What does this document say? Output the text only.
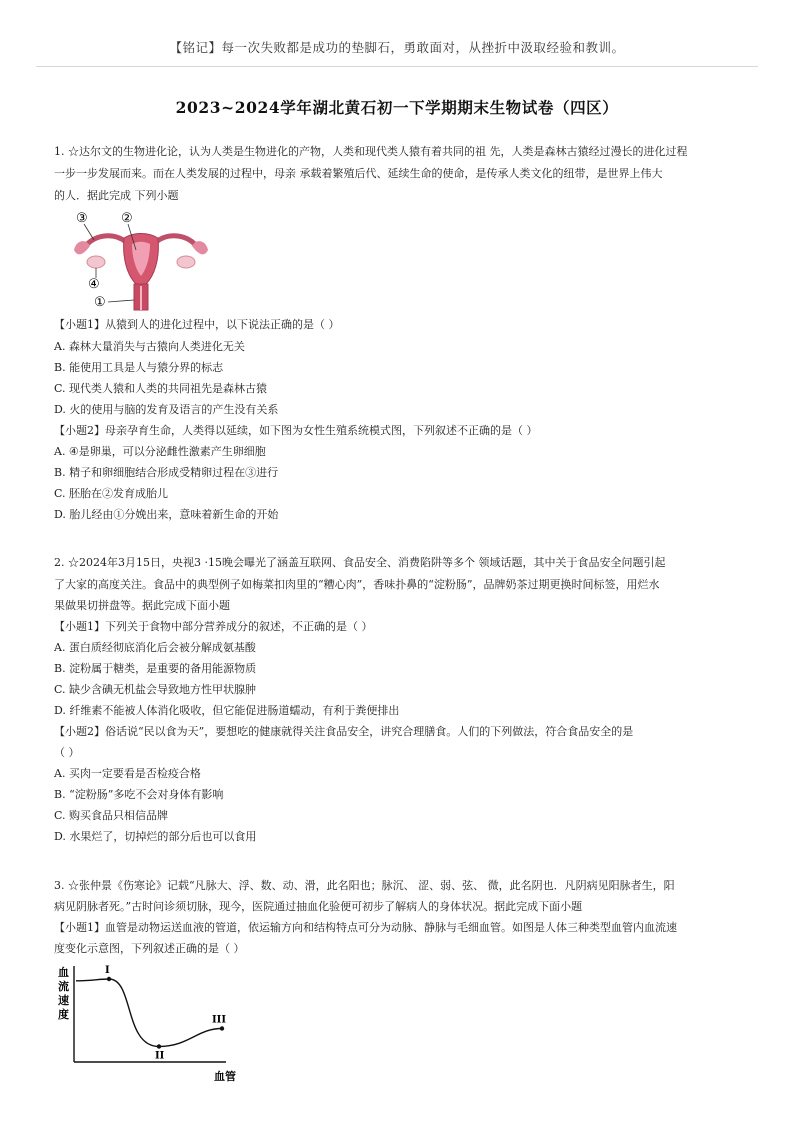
【铭记】每一次失败都是成功的垫脚石，勇敢面对，从挫折中汲取经验和教训。
2023~2024学年湖北黄石初一下学期期末生物试卷（四区）
1. ☆达尔文的生物进化论，认为人类是生物进化的产物，人类和现代类人猿有着共同的祖 先，人类是森林古猿经过漫长的进化过程
一步一步发展而来。而在人类发展的过程中，母亲 承载着繁殖后代、延续生命的使命，是传承人类文化的纽带，是世界上伟大
的人．据此完成 下列小题
③	②
④
①
【小题1】从猿到人的进化过程中，以下说法正确的是（ ）
A. 森林大量消失与古猿向人类进化无关
B. 能使用工具是人与猿分界的标志
C. 现代类人猿和人类的共同祖先是森林古猿
D. 火的使用与脑的发育及语言的产生没有关系
【小题2】母亲孕育生命，人类得以延续，如下图为女性生殖系统模式图，下列叙述不正确的是（ ）
A. ④是卵巢，可以分泌雌性激素产生卵细胞
B. 精子和卵细胞结合形成受精卵过程在③进行
C. 胚胎在②发育成胎儿
D. 胎儿经由①分娩出来，意味着新生命的开始
2. ☆2024年3月15日，央视3 ·15晚会曝光了涵盖互联网、食品安全、消费陷阱等多个 领域话题，其中关于食品安全问题引起
了大家的高度关注。食品中的典型例子如梅菜扣肉里的“糟心肉”，香味扑鼻的“淀粉肠”，品牌奶茶过期更换时间标签，用烂水
果做果切拼盘等。据此完成下面小题
【小题1】下列关于食物中部分营养成分的叙述，不正确的是（ ）
A. 蛋白质经彻底消化后会被分解成氨基酸
B. 淀粉属于糖类，是重要的备用能源物质
C. 缺少含碘无机盐会导致地方性甲状腺肿
D. 纤维素不能被人体消化吸收，但它能促进肠道蠕动，有利于粪便排出
【小题2】俗话说“民以食为天”，要想吃的健康就得关注食品安全，讲究合理膳食。人们的下列做法，符合食品安全的是
（ ）
A. 买肉一定要看是否检疫合格
B. “淀粉肠”多吃不会对身体有影响
C. 购买食品只相信品牌
D. 水果烂了，切掉烂的部分后也可以食用
3. ☆张仲景《伤寒论》记载“凡脉大、浮、数、动、滑，此名阳也；脉沉、 涩、弱、弦、 微，此名阴也．凡阴病见阳脉者生，阳
病见阴脉者死。”古时问诊须切脉，现今，医院通过抽血化验便可初步了解病人的身体状况。据此完成下面小题
【小题1】血管是动物运送血液的管道，依运输方向和结构特点可分为动脉、静脉与毛细血管。如图是人体三种类型血管内血流速
度变化示意图，下列叙述正确的是（ ）
血
流
速
度
血管
I
II
III
